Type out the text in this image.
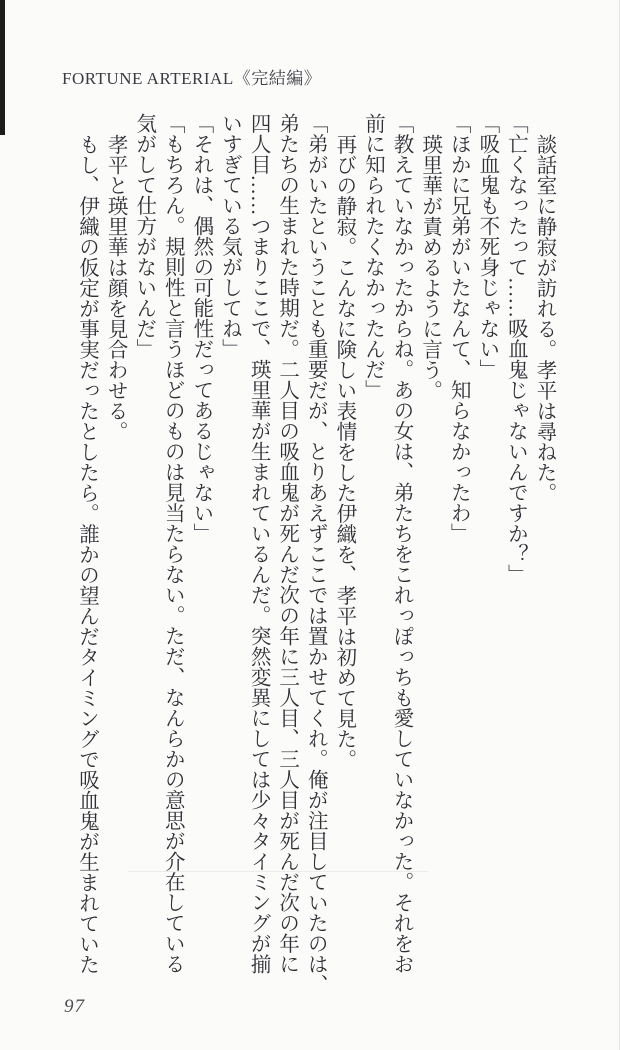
FORTUNE ARTERIAL《完結編》
談話室に静寂が訪れる。孝平は尋ねた。
「亡くなったって……吸血鬼じゃないんですか？」
「吸血鬼も不死身じゃない」
「ほかに兄弟がいたなんて、知らなかったわ」
瑛里華が責めるように言う。
「教えていなかったからね。あの女は、弟たちをこれっぽっちも愛していなかった。それをお
前に知られたくなかったんだ」
再びの静寂。こんなに険しい表情をした伊織を、孝平は初めて見た。
「弟がいたということも重要だが、とりあえずここでは置かせてくれ。俺が注目していたのは、
弟たちの生まれた時期だ。二人目の吸血鬼が死んだ次の年に三人目、三人目が死んだ次の年に
四人目……つまりここで、瑛里華が生まれているんだ。突然変異にしては少々タイミングが揃
いすぎている気がしてね」
「それは、偶然の可能性だってあるじゃない」
「もちろん。規則性と言うほどのものは見当たらない。ただ、なんらかの意思が介在している
気がして仕方がないんだ」
孝平と瑛里華は顔を見合わせる。
もし、伊織の仮定が事実だったとしたら。誰かの望んだタイミングで吸血鬼が生まれていた
97
